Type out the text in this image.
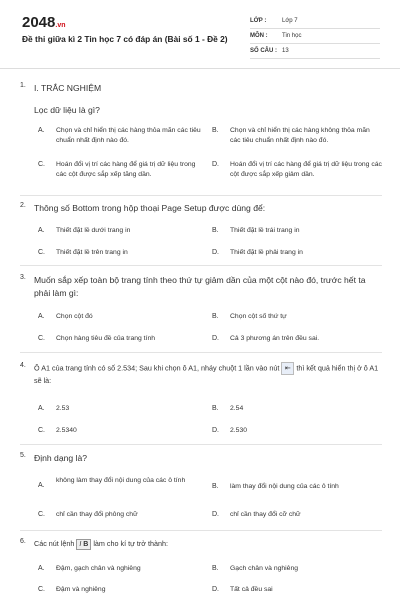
2048.vn
Đề thi giữa kì 2 Tin học 7 có đáp án (Bài số 1 - Đề 2)
LỚP :	Lớp 7
MÔN :	Tin học
SỐ CÂU : 13
1. I. TRẮC NGHIỆM
Lọc dữ liệu là gì?
A. Chọn và chỉ hiển thị các hàng thỏa mãn các tiêu chuẩn nhất định nào đó.
B. Chọn và chỉ hiển thị các hàng không thỏa mãn các tiêu chuẩn nhất định nào đó.
C. Hoán đổi vị trí các hàng để giá trị dữ liệu trong các cột được sắp xếp tăng dần.
D. Hoán đổi vị trí các hàng để giá trị dữ liệu trong các cột được sắp xếp giảm dần.
2. Thông số Bottom trong hộp thoại Page Setup được dùng để:
A. Thiết đặt lề dưới trang in	B. Thiết đặt lề trái trang in
C. Thiết đặt lề trên trang in	D. Thiết đặt lề phải trang in
3. Muốn sắp xếp toàn bộ trang tính theo thứ tự giảm dần của một cột nào đó, trước hết ta phải làm gì:
A. Chọn cột đó	B. Chọn cột số thứ tự
C. Chọn hàng tiêu đề của trang tính	D. Cả 3 phương án trên đều sai.
4. Ô A1 của trang tính có số 2.534; Sau khi chọn ô A1, nháy chuột 1 lần vào nút ⇤ thì kết quả hiển thị ở ô A1 sẽ là:
A. 2.53	B. 2.54
C. 2.5340	D. 2.530
5. Định dạng là?
A.
không làm thay đổi nội dung của các ô tính
B. làm thay đổi nội dung của các ô tính
C. chỉ cần thay đổi phông chữ	D. chỉ cần thay đổi cỡ chữ
6. Các nút lệnh I B làm cho kí tự trở thành:
A. Đậm, gạch chân và nghiêng	B. Gạch chân và nghiêng
C. Đậm và nghiêng	D. Tất cả đều sai
